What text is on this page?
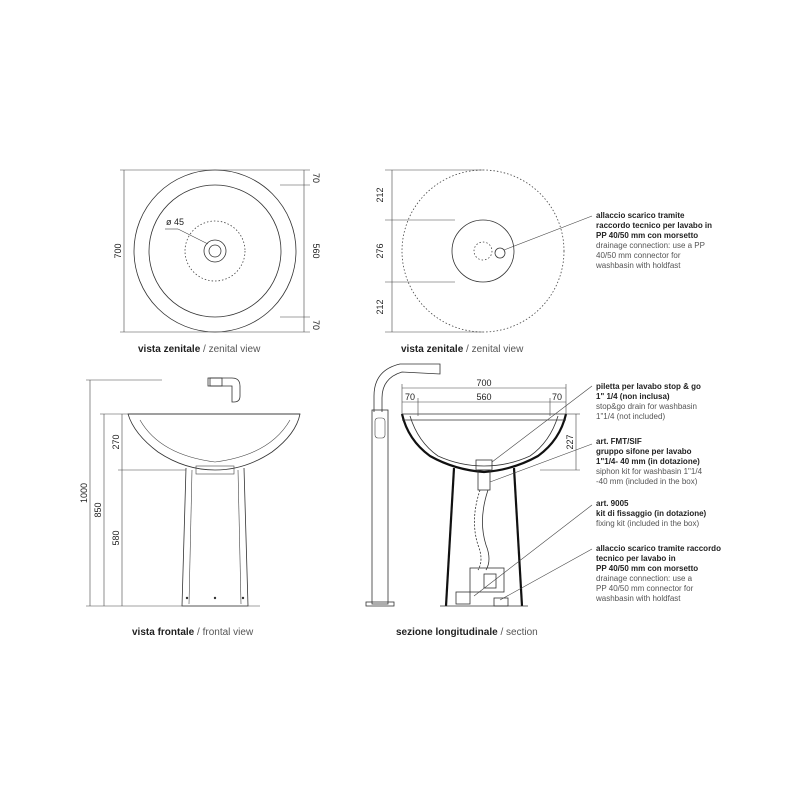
ø 45
700
70
560
70
vista zenitale / zenital view
212
276
212
allaccio scarico tramite raccordo tecnico per lavabo in PP 40/50 mm con morsetto drainage connection: use a PP 40/50 mm connector for washbasin with holdfast
vista zenitale / zenital view
1000
850
270
580
vista frontale / frontal view
700
560
70	70
227
piletta per lavabo stop & go 1" 1/4 (non inclusa) stop&go drain for washbasin 1"1/4 (not included)
art. FMT/SIF gruppo sifone per lavabo 1"1/4- 40 mm (in dotazione) siphon kit for washbasin 1"1/4 -40 mm (included in the box)
art. 9005 kit di fissaggio (in dotazione) fixing kit (included in the box)
allaccio scarico tramite raccordo tecnico per lavabo in PP 40/50 mm con morsetto drainage connection: use a PP 40/50 mm connector for washbasin with holdfast
sezione longitudinale / section
